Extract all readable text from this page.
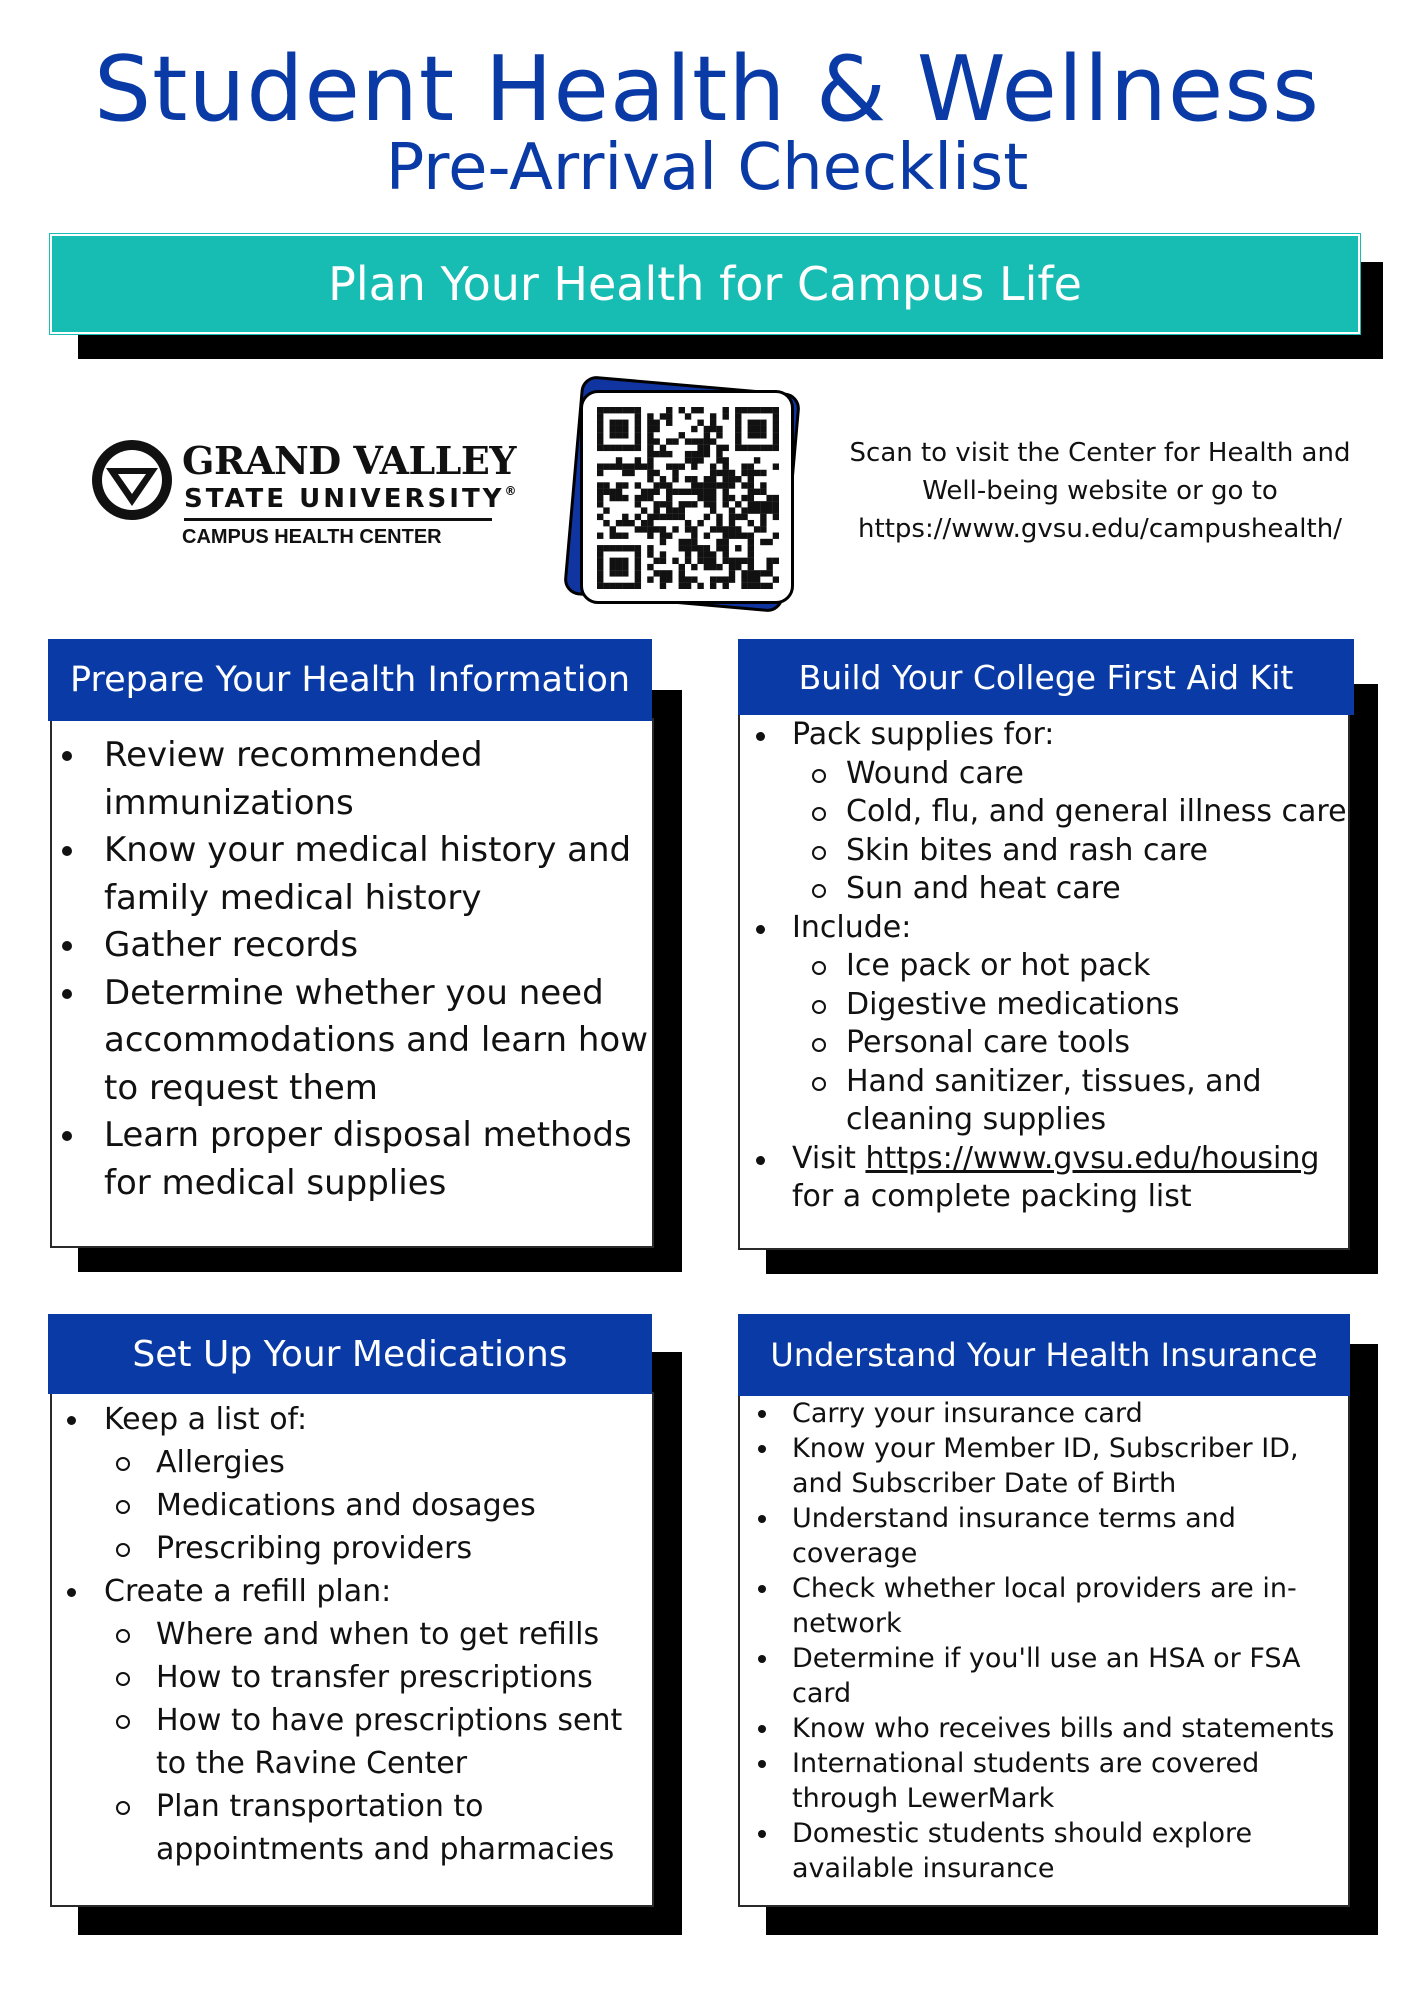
Student Health & Wellness
Pre-Arrival Checklist
Plan Your Health for Campus Life
GRAND VALLEY
STATE UNIVERSITY®
CAMPUS HEALTH CENTER
Scan to visit the Center for Health and
Well-being website or go to
https://www.gvsu.edu/campushealth/
Review recommended
immunizations
Know your medical history and
family medical history
Gather records
Determine whether you need
accommodations and learn how
to request them
Learn proper disposal methods
for medical supplies
Prepare Your Health Information
Pack supplies for:
Wound care
Cold, flu, and general illness care
Skin bites and rash care
Sun and heat care
Include:
Ice pack or hot pack
Digestive medications
Personal care tools
Hand sanitizer, tissues, and
cleaning supplies
Visit https://www.gvsu.edu/housing
for a complete packing list
Build Your College First Aid Kit
Keep a list of:
Allergies
Medications and dosages
Prescribing providers
Create a refill plan:
Where and when to get refills
How to transfer prescriptions
How to have prescriptions sent
to the Ravine Center
Plan transportation to
appointments and pharmacies
Set Up Your Medications
Carry your insurance card
Know your Member ID, Subscriber ID,
and Subscriber Date of Birth
Understand insurance terms and
coverage
Check whether local providers are in-
network
Determine if you'll use an HSA or FSA
card
Know who receives bills and statements
International students are covered
through LewerMark
Domestic students should explore
available insurance
Understand Your Health Insurance
